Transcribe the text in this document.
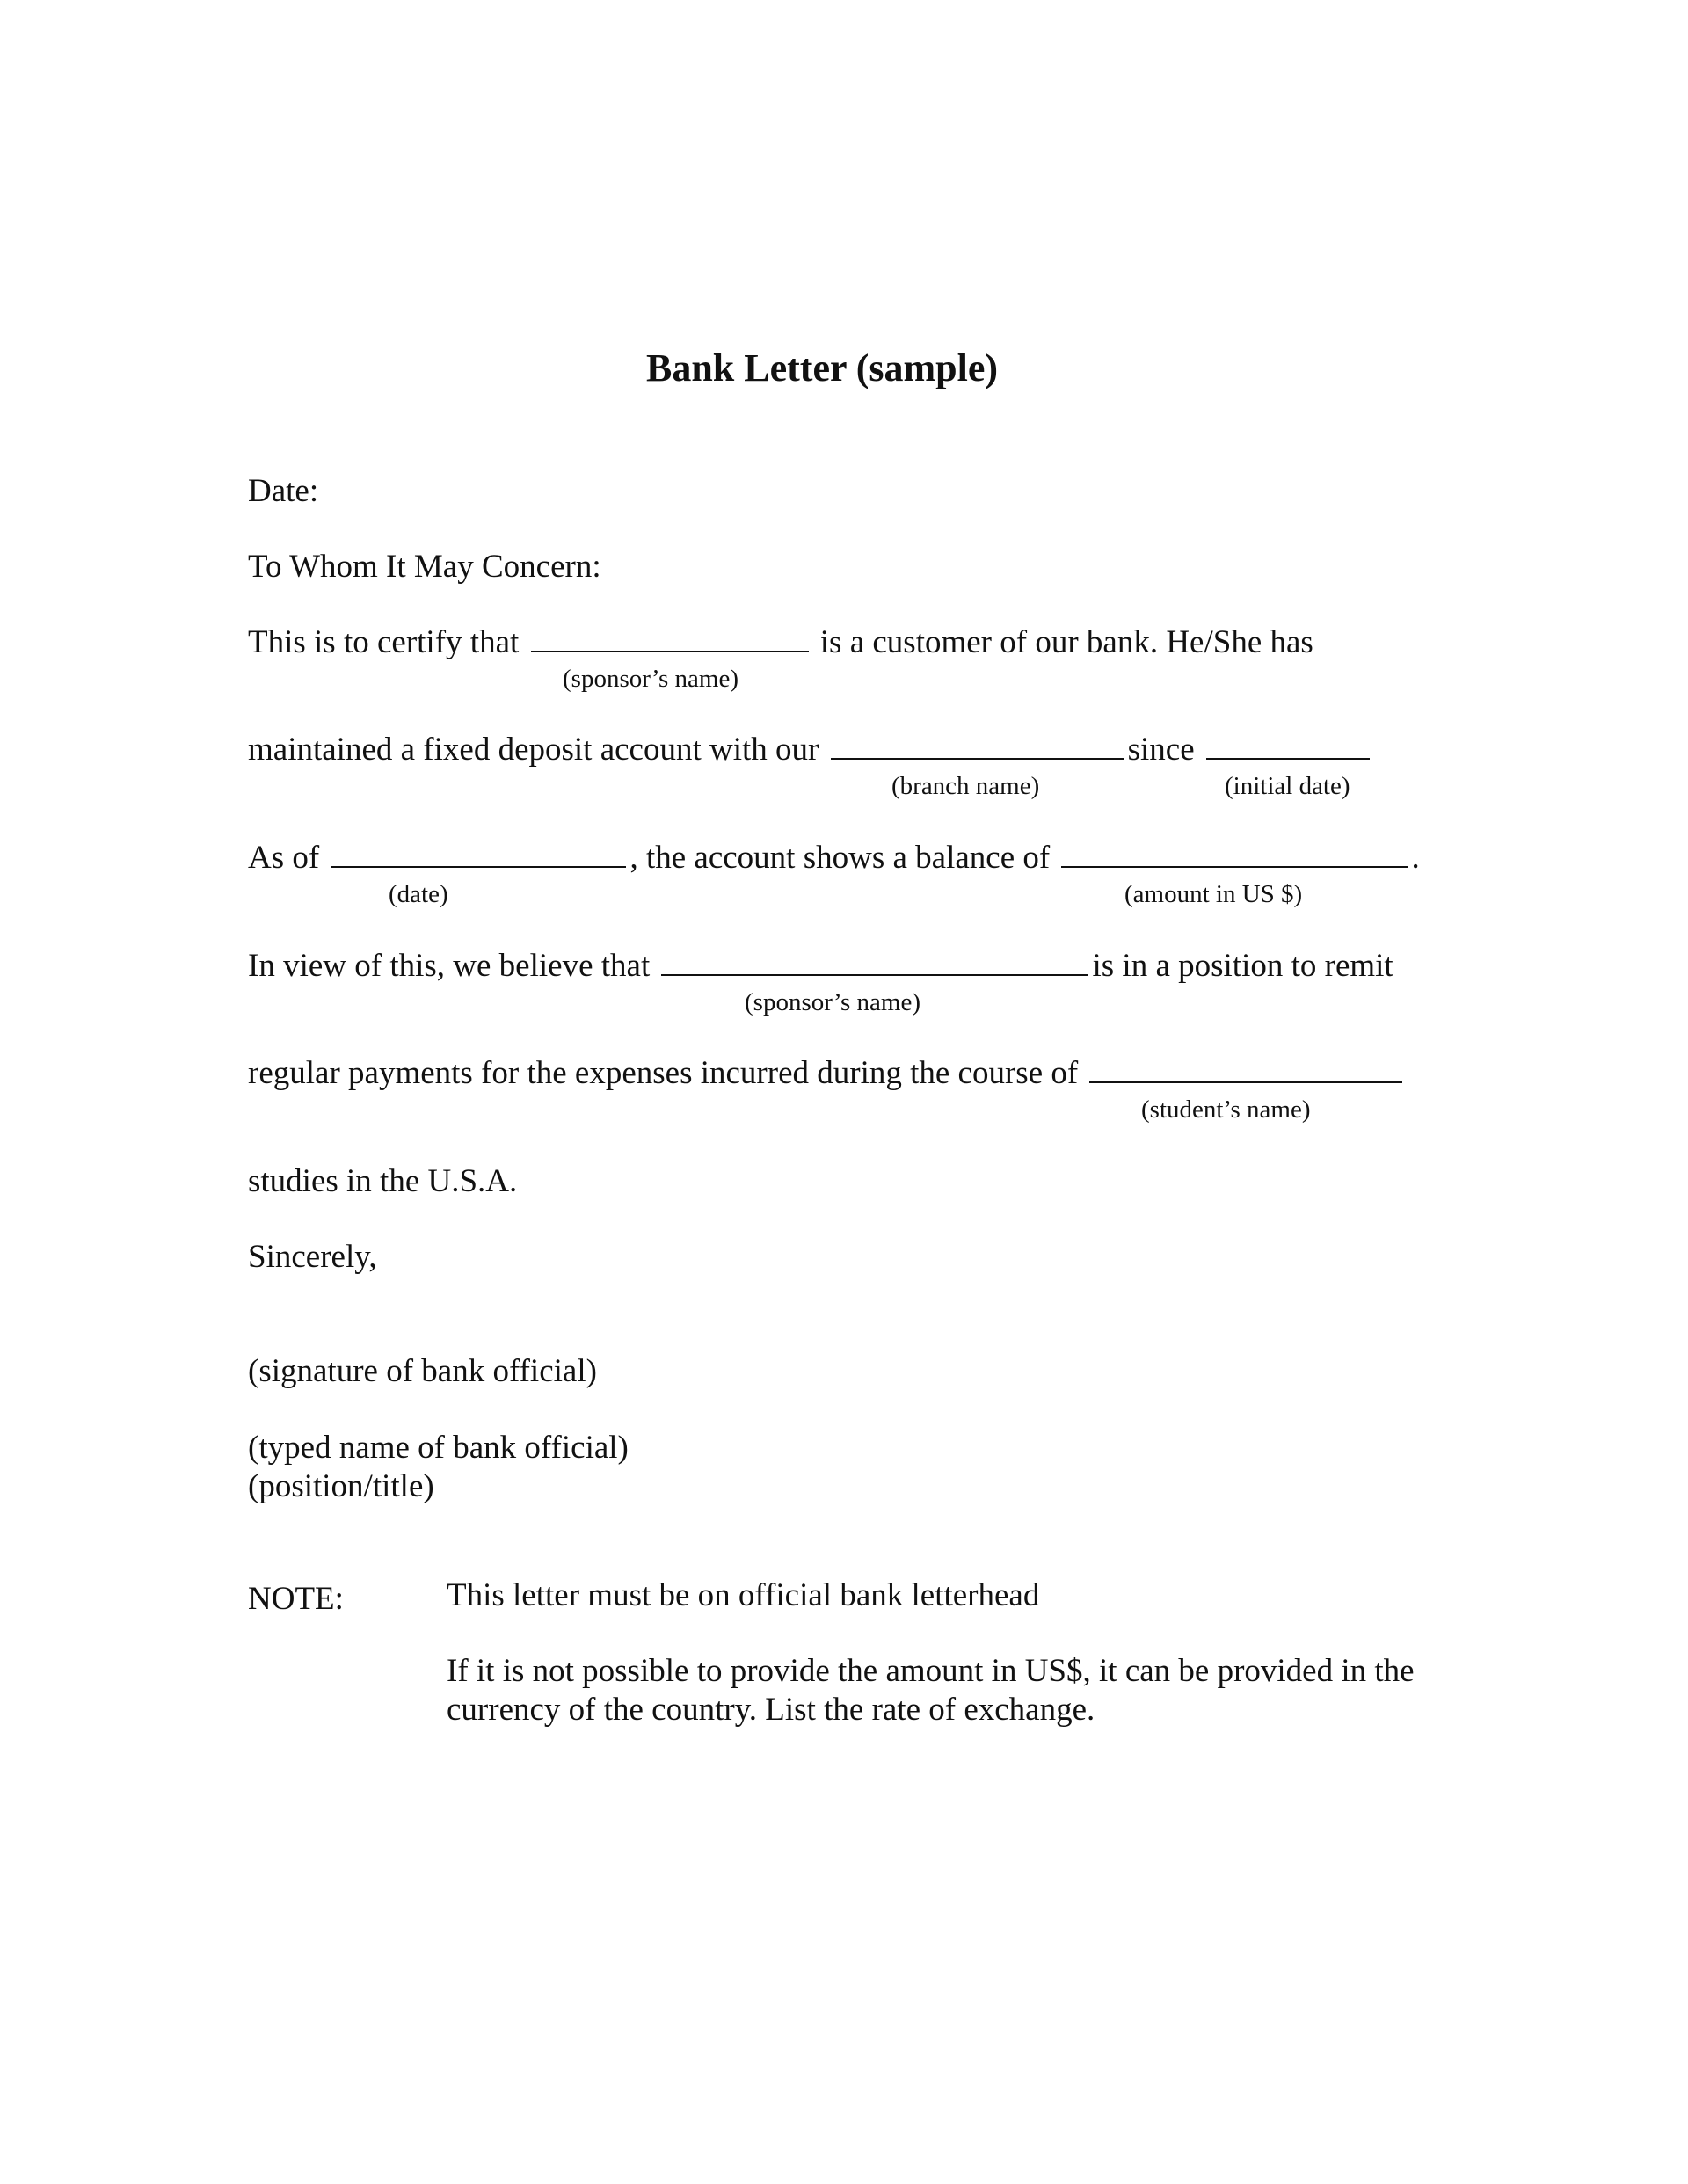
Bank Letter (sample)
Date:
To Whom It May Concern:
This is to certify that	is a customer of our bank. He/She has
(sponsor’s name)
maintained a fixed deposit account with our	since
(branch name)	(initial date)
As of	, the account shows a balance of	.
(date)	(amount in US $)
In view of this, we believe that	is in a position to remit
(sponsor’s name)
regular payments for the expenses incurred during the course of
(student’s name)
studies in the U.S.A.
Sincerely,
(signature of bank official)
(typed name of bank official)
(position/title)
NOTE:	This letter must be on official bank letterhead
If it is not possible to provide the amount in US$, it can be provided in the
currency of the country. List the rate of exchange.
